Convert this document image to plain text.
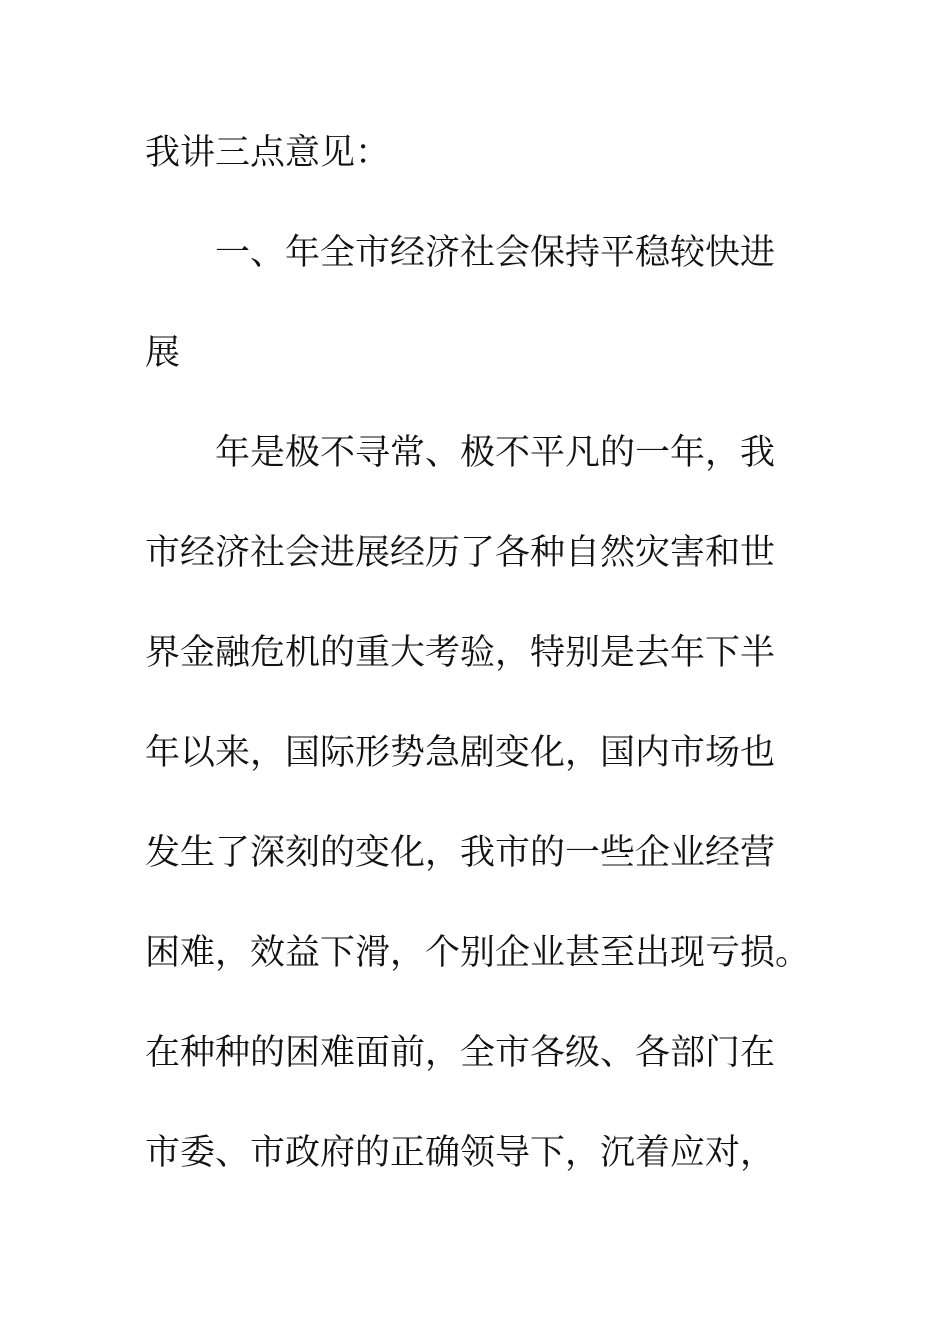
我讲三点意见：
一、年全市经济社会保持平稳较快进
展
年是极不寻常、极不平凡的一年，我
市经济社会进展经历了各种自然灾害和世
界金融危机的重大考验，特别是去年下半
年以来，国际形势急剧变化，国内市场也
发生了深刻的变化，我市的一些企业经营
困难，效益下滑，个别企业甚至出现亏损。
在种种的困难面前，全市各级、各部门在
市委、市政府的正确领导下，沉着应对，
